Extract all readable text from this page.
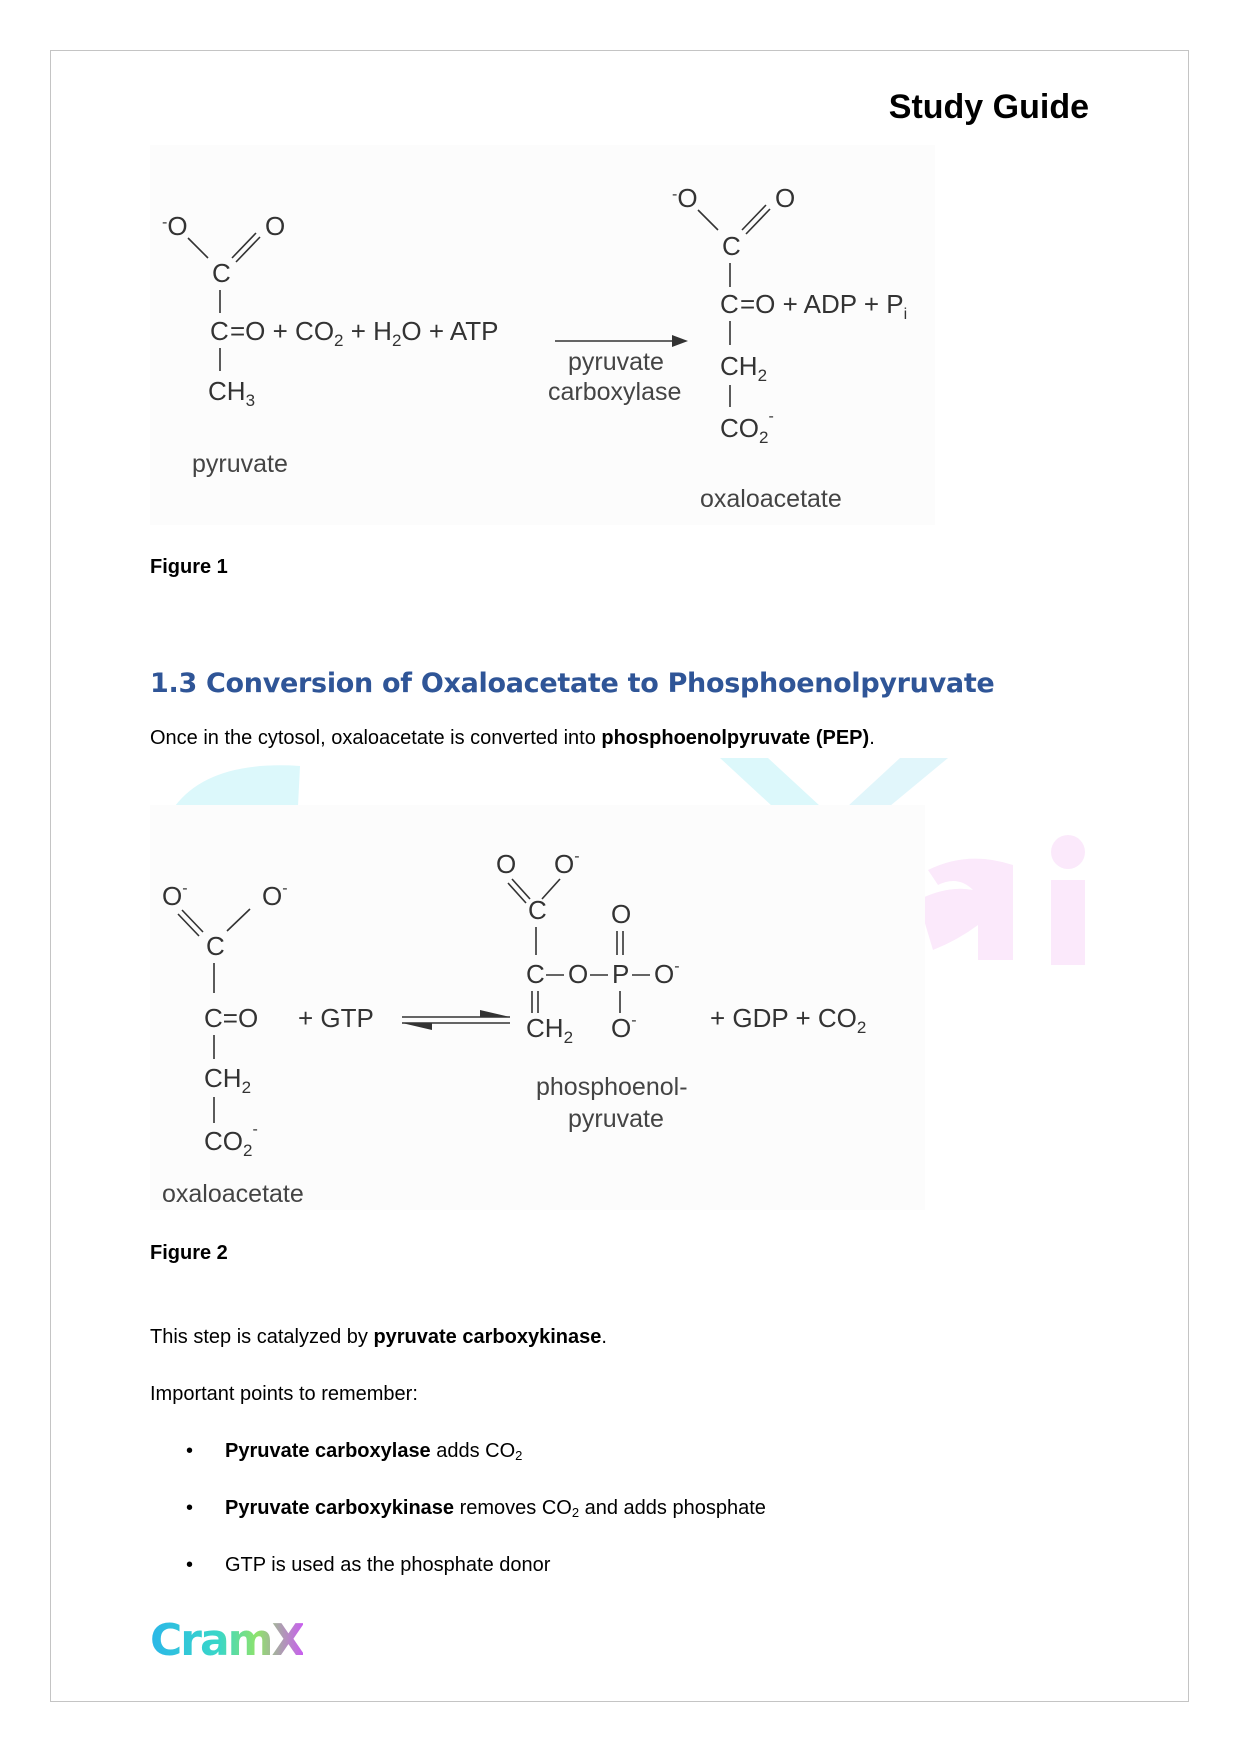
Study Guide
-O	O
C
$C =O + CO_2 + H_2O$ + ATP
$CH_3$
pyruvate
pyruvate
carboxylase
-O	O
C
C =O + ADP + $P_i$
$CH_2$
$CO_2^-$
oxaloacetate
Figure 1
1.3 Conversion of Oxaloacetate to Phosphoenolpyruvate
Once in the cytosol, oxaloacetate is converted into phosphoenolpyruvate (PEP).
O-	O-
C
C=O + GTP
$CH_2$
$CO_2^-$
oxaloacetate
O O-
C
C O P O-
O
O-
$CH_2$
+ GDP + $CO_2$
phosphoenol-
pyruvate
Figure 2
This step is catalyzed by pyruvate carboxykinase.
Important points to remember:
• Pyruvate carboxylase adds $CO_2$
• Pyruvate carboxykinase removes $CO_2$ and adds phosphate
• GTP is used as the phosphate donor
CramX
